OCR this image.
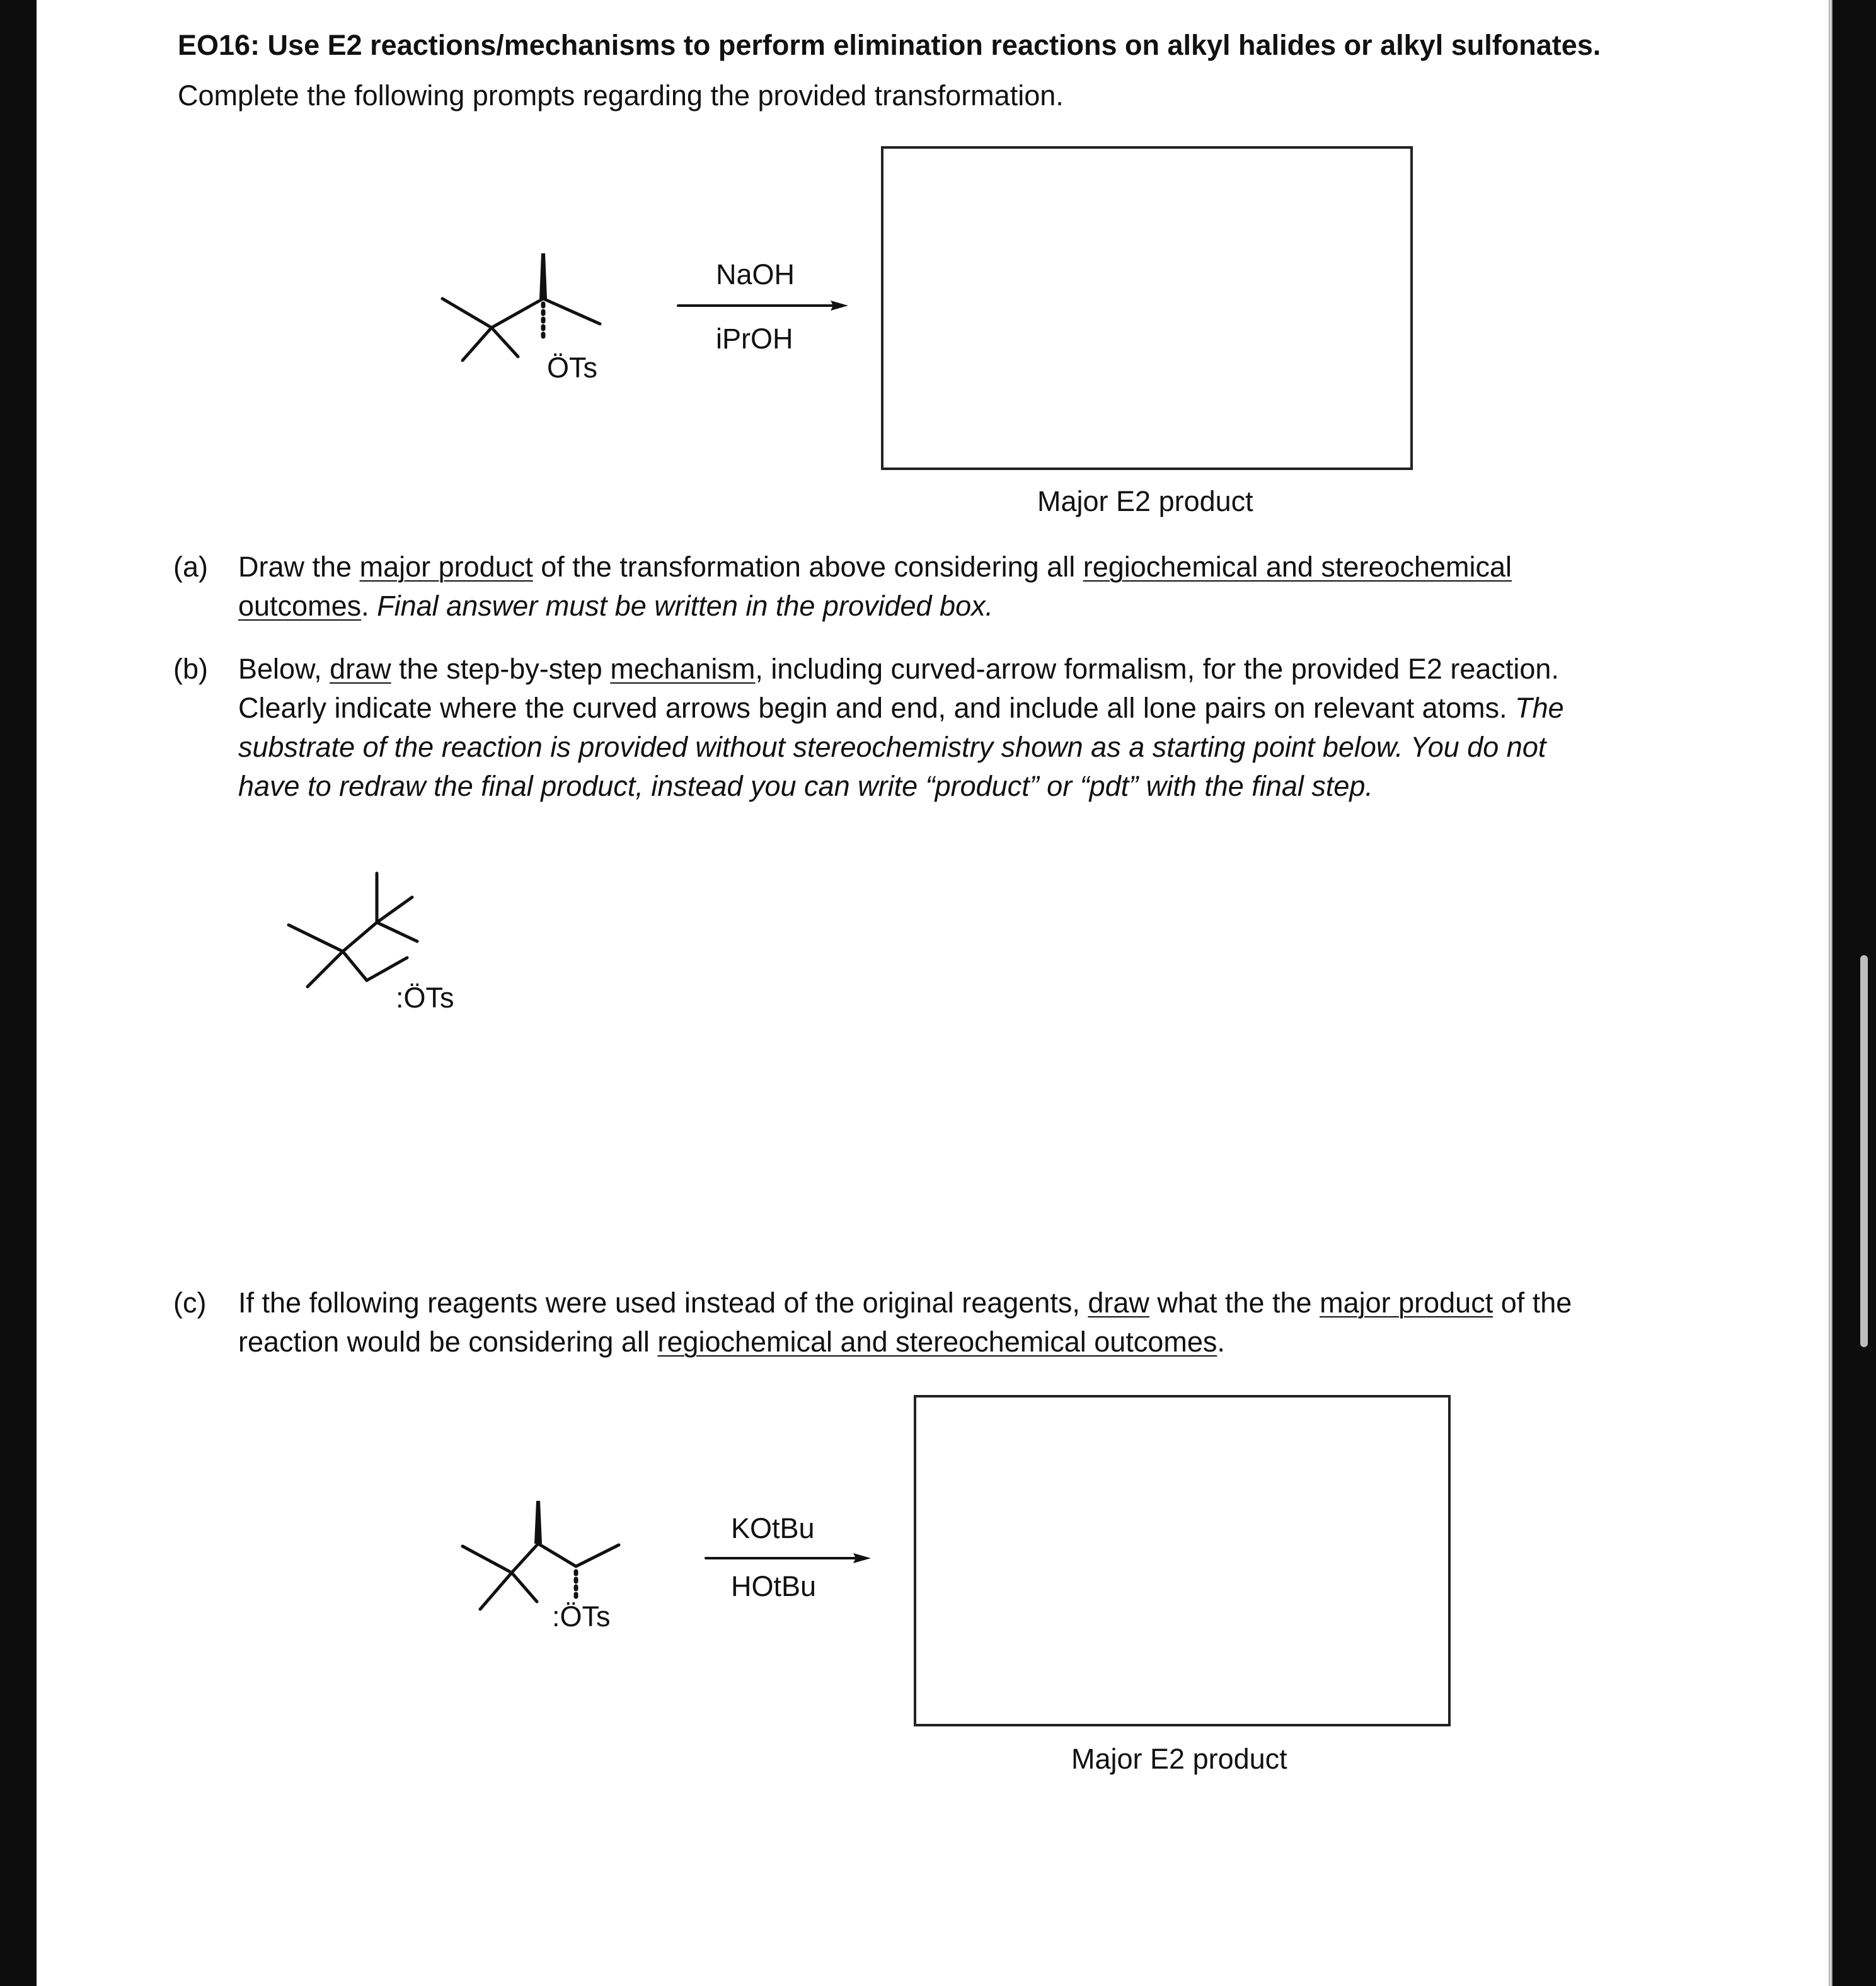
EO16: Use E2 reactions/mechanisms to perform elimination reactions on alkyl halides or alkyl sulfonates.
Complete the following prompts regarding the provided transformation.
ÖTs
NaOH
iPrOH
Major E2 product
(a) Draw the major product of the transformation above considering all regiochemical and stereochemical
outcomes. Final answer must be written in the provided box.
(b) Below, draw the step-by-step mechanism, including curved-arrow formalism, for the provided E2 reaction.
Clearly indicate where the curved arrows begin and end, and include all lone pairs on relevant atoms. The
substrate of the reaction is provided without stereochemistry shown as a starting point below. You do not
have to redraw the final product, instead you can write “product” or “pdt” with the final step.
:ÖTs
(c) If the following reagents were used instead of the original reagents, draw what the the major product of the
reaction would be considering all regiochemical and stereochemical outcomes.
:ÖTs
KOtBu
HOtBu
Major E2 product
